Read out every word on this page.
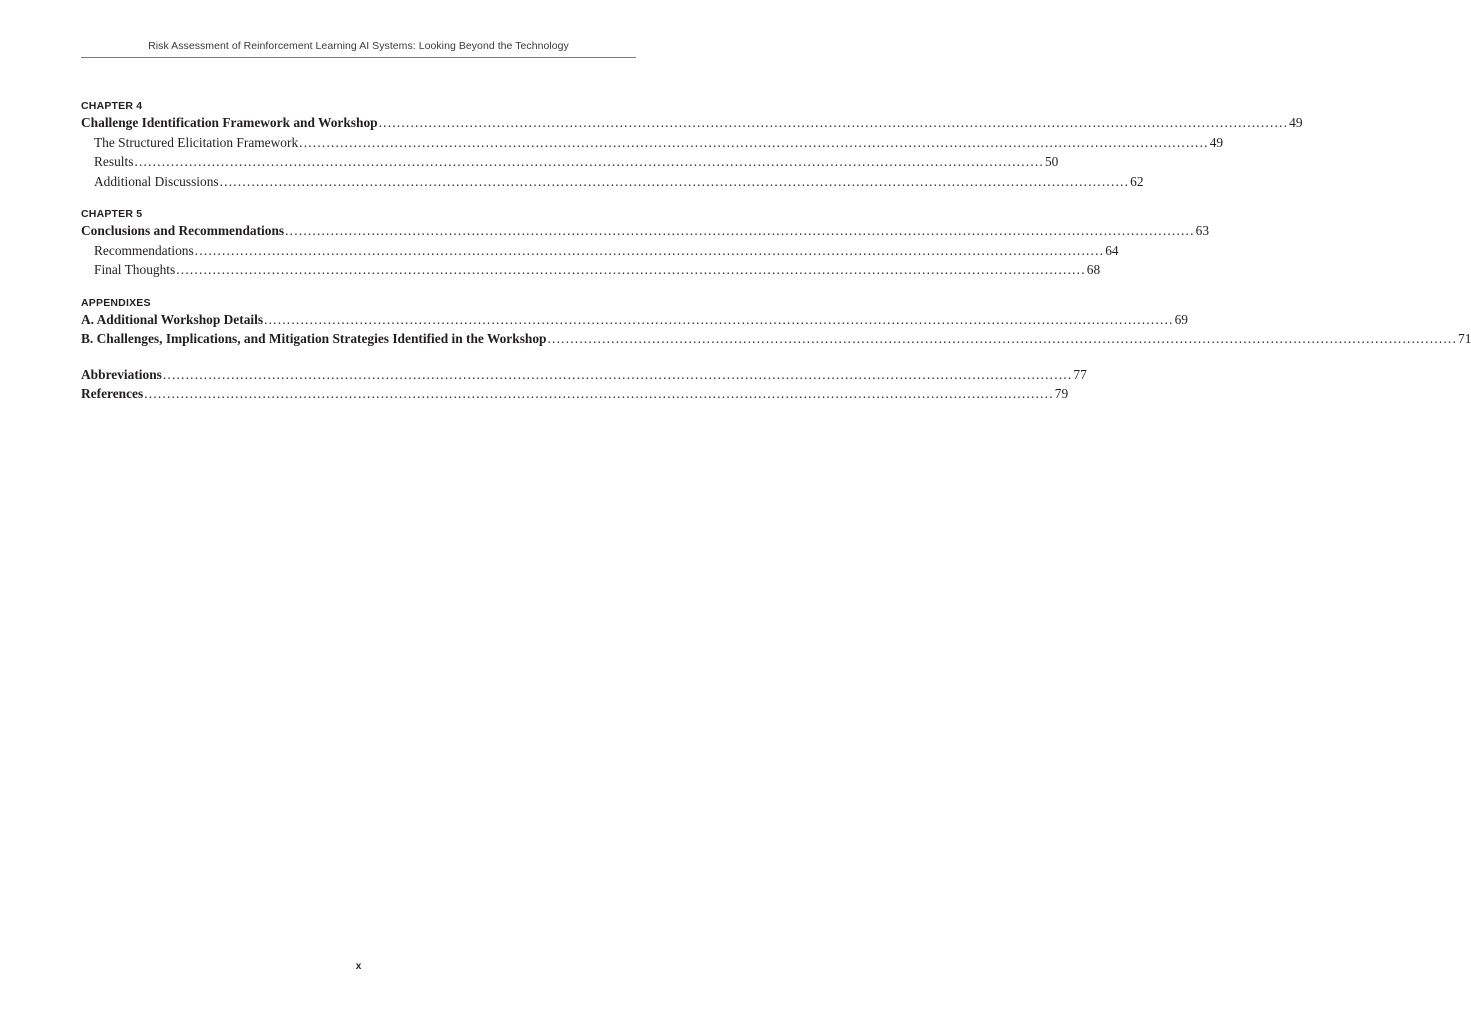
Risk Assessment of Reinforcement Learning AI Systems: Looking Beyond the Technology
CHAPTER 4
Challenge Identification Framework and Workshop ........................................................................................................................................................................................................ 49
The Structured Elicitation Framework ........................................................................................................................................................................................................ 49
Results ........................................................................................................................................................................................................ 50
Additional Discussions ........................................................................................................................................................................................................ 62
CHAPTER 5
Conclusions and Recommendations ........................................................................................................................................................................................................ 63
Recommendations ........................................................................................................................................................................................................ 64
Final Thoughts ........................................................................................................................................................................................................ 68
APPENDIXES
A. Additional Workshop Details ........................................................................................................................................................................................................ 69
B. Challenges, Implications, and Mitigation Strategies Identified in the Workshop ........................................................................................................................................................................................................ 71
Abbreviations ........................................................................................................................................................................................................ 77
References ........................................................................................................................................................................................................ 79
x
